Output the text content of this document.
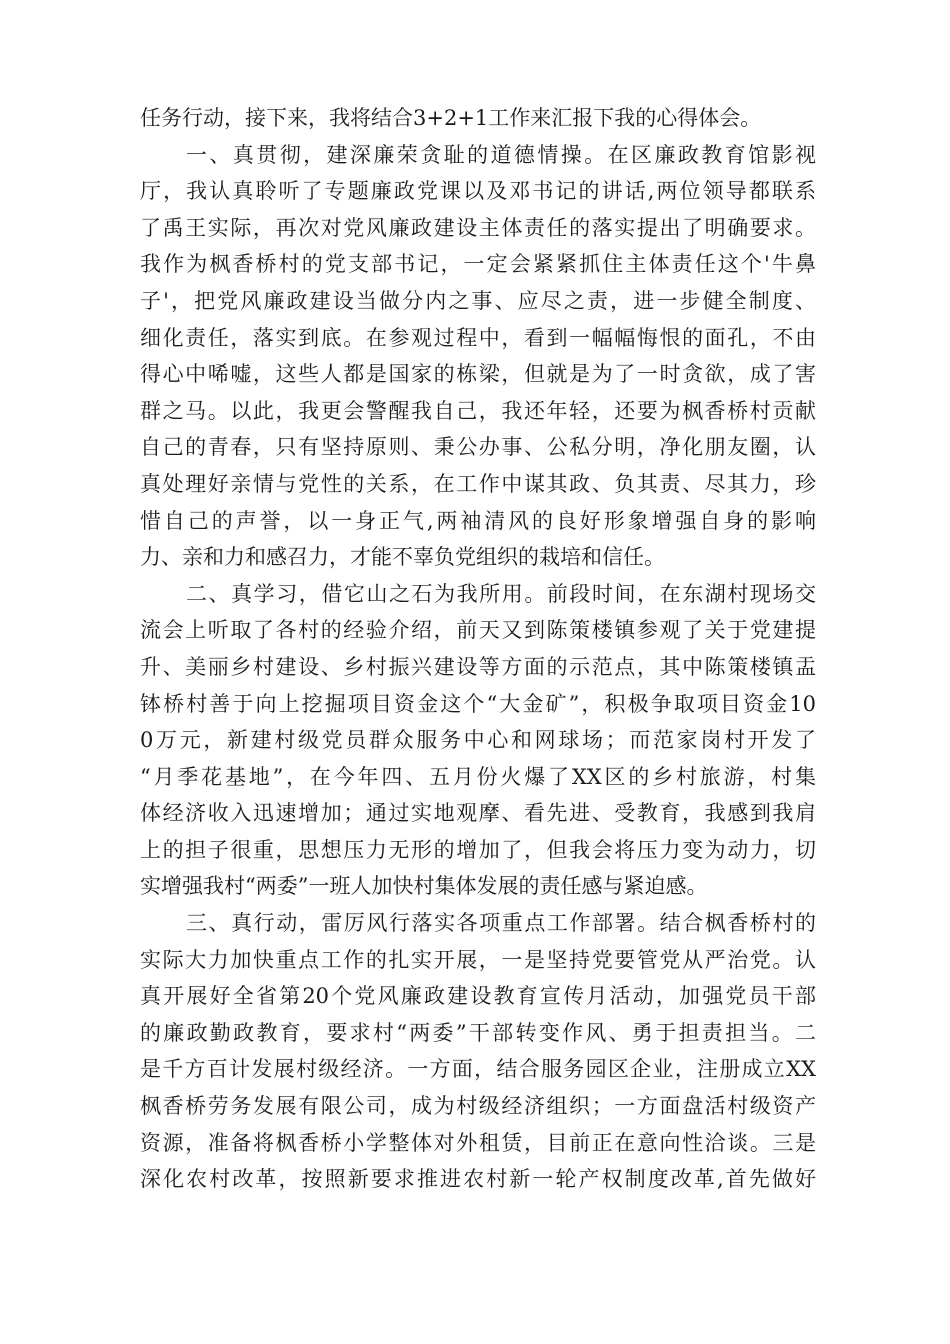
任务行动，接下来，我将结合3+2+1工作来汇报下我的心得体会。
一、真贯彻，建深廉荣贪耻的道德情操。在区廉政教育馆影视
厅，我认真聆听了专题廉政党课以及邓书记的讲话,两位领导都联系
了禹王实际，再次对党风廉政建设主体责任的落实提出了明确要求。
我作为枫香桥村的党支部书记，一定会紧紧抓住主体责任这个'牛鼻
子'，把党风廉政建设当做分内之事、应尽之责，进一步健全制度、
细化责任，落实到底。在参观过程中，看到一幅幅悔恨的面孔，不由
得心中唏嘘，这些人都是国家的栋梁，但就是为了一时贪欲，成了害
群之马。以此，我更会警醒我自己，我还年轻，还要为枫香桥村贡献
自己的青春，只有坚持原则、秉公办事、公私分明，净化朋友圈，认
真处理好亲情与党性的关系，在工作中谋其政、负其责、尽其力，珍
惜自己的声誉，以一身正气,两袖清风的良好形象增强自身的影响
力、亲和力和感召力，才能不辜负党组织的栽培和信任。
二、真学习，借它山之石为我所用。前段时间，在东湖村现场交
流会上听取了各村的经验介绍，前天又到陈策楼镇参观了关于党建提
升、美丽乡村建设、乡村振兴建设等方面的示范点，其中陈策楼镇盂
钵桥村善于向上挖掘项目资金这个“大金矿”，积极争取项目资金10
0万元，新建村级党员群众服务中心和网球场；而范家岗村开发了
“月季花基地”，在今年四、五月份火爆了XX区的乡村旅游，村集
体经济收入迅速增加；通过实地观摩、看先进、受教育，我感到我肩
上的担子很重，思想压力无形的增加了，但我会将压力变为动力，切
实增强我村“两委”一班人加快村集体发展的责任感与紧迫感。
三、真行动，雷厉风行落实各项重点工作部署。结合枫香桥村的
实际大力加快重点工作的扎实开展，一是坚持党要管党从严治党。认
真开展好全省第20个党风廉政建设教育宣传月活动，加强党员干部
的廉政勤政教育，要求村“两委”干部转变作风、勇于担责担当。二
是千方百计发展村级经济。一方面，结合服务园区企业，注册成立XX
枫香桥劳务发展有限公司，成为村级经济组织；一方面盘活村级资产
资源，准备将枫香桥小学整体对外租赁，目前正在意向性洽谈。三是
深化农村改革，按照新要求推进农村新一轮产权制度改革,首先做好
